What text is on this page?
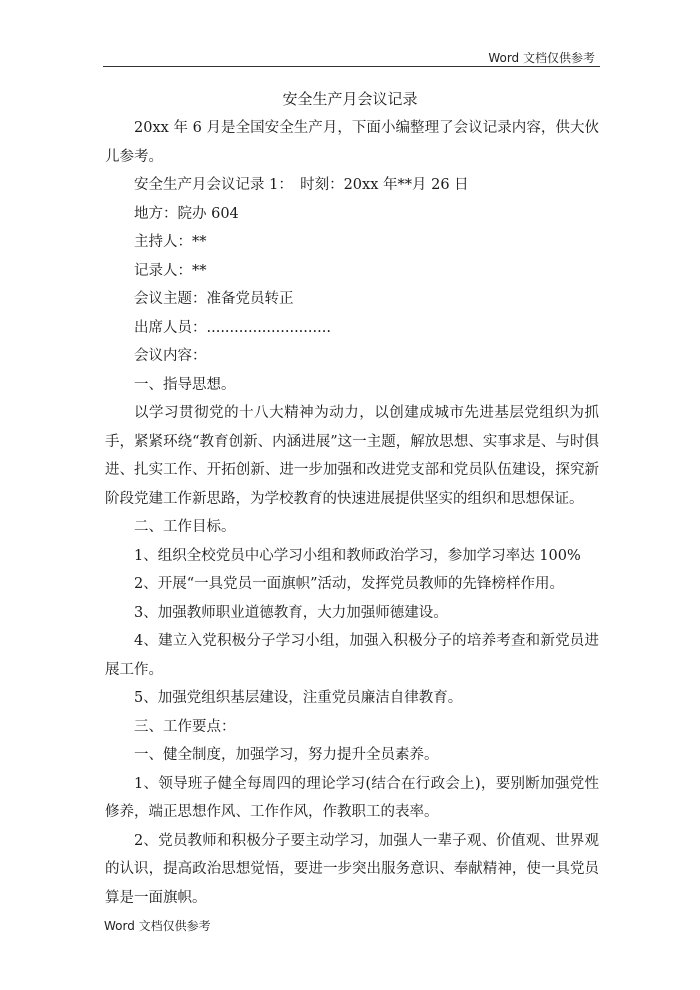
Word 文档仅供参考
安全生产月会议记录

20xx 年 6 月是全国安全生产月，下面小编整理了会议记录内容，供大伙儿参考。

安全生产月会议记录 1：　时刻：20xx 年**月 26 日

地方：院办 604

主持人：**

记录人：**

会议主题：准备党员转正

出席人员：...........................

会议内容：

一、指导思想。

以学习贯彻党的十八大精神为动力，以创建成城市先进基层党组织为抓手，紧紧环绕“教育创新、内涵进展”这一主题，解放思想、实事求是、与时俱进、扎实工作、开拓创新、进一步加强和改进党支部和党员队伍建设，探究新阶段党建工作新思路，为学校教育的快速进展提供坚实的组织和思想保证。

二、工作目标。

1、组织全校党员中心学习小组和教师政治学习，参加学习率达 100%

2、开展“一具党员一面旗帜”活动，发挥党员教师的先锋榜样作用。

3、加强教师职业道德教育，大力加强师德建设。

4、建立入党积极分子学习小组，加强入积极分子的培养考查和新党员进展工作。

5、加强党组织基层建设，注重党员廉洁自律教育。

三、工作要点：

一、健全制度，加强学习，努力提升全员素养。

1、领导班子健全每周四的理论学习(结合在行政会上)，要别断加强党性修养，端正思想作风、工作作风，作教职工的表率。

2、党员教师和积极分子要主动学习，加强人一辈子观、价值观、世界观的认识，提高政治思想觉悟，要进一步突出服务意识、奉献精神，使一具党员算是一面旗帜。

Word 文档仅供参考
